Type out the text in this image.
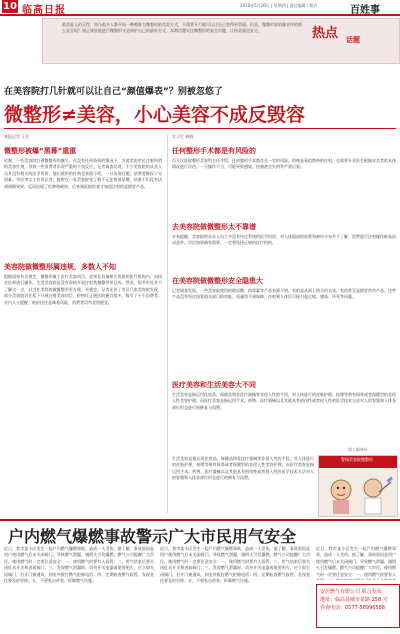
10 临高日报	2010年5月20日 | 星期四 | 责任编辑 / 版式	百姓事
爱美是人的天性，如今很多人都开始一种被称为微整形的美容方式，不需要开刀就可以让自己变得更美丽。但是，微整形真的像宣传的那么安全吗？到正规医院进行微整形才是保护自己的最好方式，本期话题关注微整形的安全问题，让你美丽也安全。	热点 话题
在美容院打几针就可以让自己“颜值爆表”？别被忽悠了
微整形≠美容，小心美容不成反毁容
本报记者 王芳
微整形被爆“黑幕”重重
近期，一些美容院打着微整形的旗号，在没有任何资质的情况下，为爱美的市民注射所谓的美容针剂，导致一些消费者出现严重的不良反应。记者调查发现，不少美容院的从业人员并没有相关的医学背景，他们使用的针剂也来路不明，一旦出现问题，消费者维权十分困难。市民李女士告诉记者，她曾在一家美容院花了数千元注射玻尿酸，结果不但没有达到预期效果，反而出现了红肿和硬块，后来到医院检查才知道注射的是假冒产品。
美容院做微整形属违规，多数人不知
根据国家有关规定，微整形属于医疗美容项目，必须在具备相关资质的医疗机构内，由执业医师进行操作。生活美容院是没有资格开展注射类微整形项目的。然而，很多市民并不了解这一点，以为在美容院做微整形更方便、更便宜。记者走访了市区几家美容院发现，部分美容院仍在私下开展注射美容项目，价格比正规医院便宜很多，吸引了不少消费者。业内人士提醒，低价往往意味着风险，消费者切勿贪图便宜。
实习生 林晓
任何整形手术都是有风险的
市人民医院整形美容科主任介绍，任何整形手术都存在一定的风险，即使是看似简单的注射，也需要专业医生根据求美者的具体情况进行评估。一旦操作不当，可能导致感染、栓塞甚至失明等严重后果。
去美容院做微整形太不靠谱
专家提醒，美容院的从业人员大多没有经过系统的医学培训，对人体面部的血管和神经分布并不了解，贸然进行注射操作极易造成意外。市民如果确有需要，一定要选择正规的医疗机构。
在美容院做微整形安全隐患大
记者调查发现，一些美容院使用的玻尿酸、肉毒素等产品来源不明，有的是从网上购买的水货，有的甚至是假冒伪劣产品。这些产品没有经过国家相关部门的审批，质量得不到保障，注射到人体后可能引起过敏、感染、坏死等问题。
医疗美容和生活美容大不同
生活美容是指运用化妆品、保健品和非医疗器械等非侵入性的手段，对人体进行的皮肤护理、按摩等带有保养或者保健型的非侵入性美容护理。而医疗美容是指运用手术、药物、医疗器械以及其他具有创伤性或者侵入性的医学技术方法对人的容貌和人体各部位形态进行的修复与再塑。
图 / 新华社
生活美容是指运用化妆品、保健品和非医疗器械等非侵入性的手段，对人体进行的皮肤护理、按摩等带有保养或者保健型的非侵入性美容护理。而医疗美容是指运用手术、药物、医疗器械以及其他具有创伤性或者侵入性的医学技术方法对人的容貌和人体各部位形态进行的修复与再塑。
警惕美容院微整形
户内燃气爆燃事故警示广大市民用气安全
近日，我市某小区发生一起户内燃气爆燃事故，造成一人受伤。据了解，事故原因是用户使用燃气后未关闭阀门，导致燃气泄漏，遇明火引发爆燃。燃气公司提醒广大市民，使用燃气时一定要注意安全：一、使用燃气时要有人看管；二、用气结束后要关闭灶具开关和表前阀门；三、发现燃气泄漏时，切勿开关电器或使用明火，应立即关闭阀门，打开门窗通风，到室外拨打燃气抢修电话；四、定期检查燃气软管，发现老化要及时更换；五、不要私自改装、拆除燃气设施。
近日，我市某小区发生一起户内燃气爆燃事故，造成一人受伤。据了解，事故原因是用户使用燃气后未关闭阀门，导致燃气泄漏，遇明火引发爆燃。燃气公司提醒广大市民，使用燃气时一定要注意安全：一、使用燃气时要有人看管；二、用气结束后要关闭灶具开关和表前阀门；三、发现燃气泄漏时，切勿开关电器或使用明火，应立即关闭阀门，打开门窗通风，到室外拨打燃气抢修电话；四、定期检查燃气软管，发现老化要及时更换；五、不要私自改装、拆除燃气设施。
近日，我市某小区发生一起户内燃气爆燃事故，造成一人受伤。据了解，事故原因是用户使用燃气后未关闭阀门，导致燃气泄漏，遇明火引发爆燃。燃气公司提醒广大市民，使用燃气时一定要注意安全：一、使用燃气时要有人
安居燃气有限公司 联合发布
地址：临高县城市某路 258 号
咨询电话：0577-58996588
